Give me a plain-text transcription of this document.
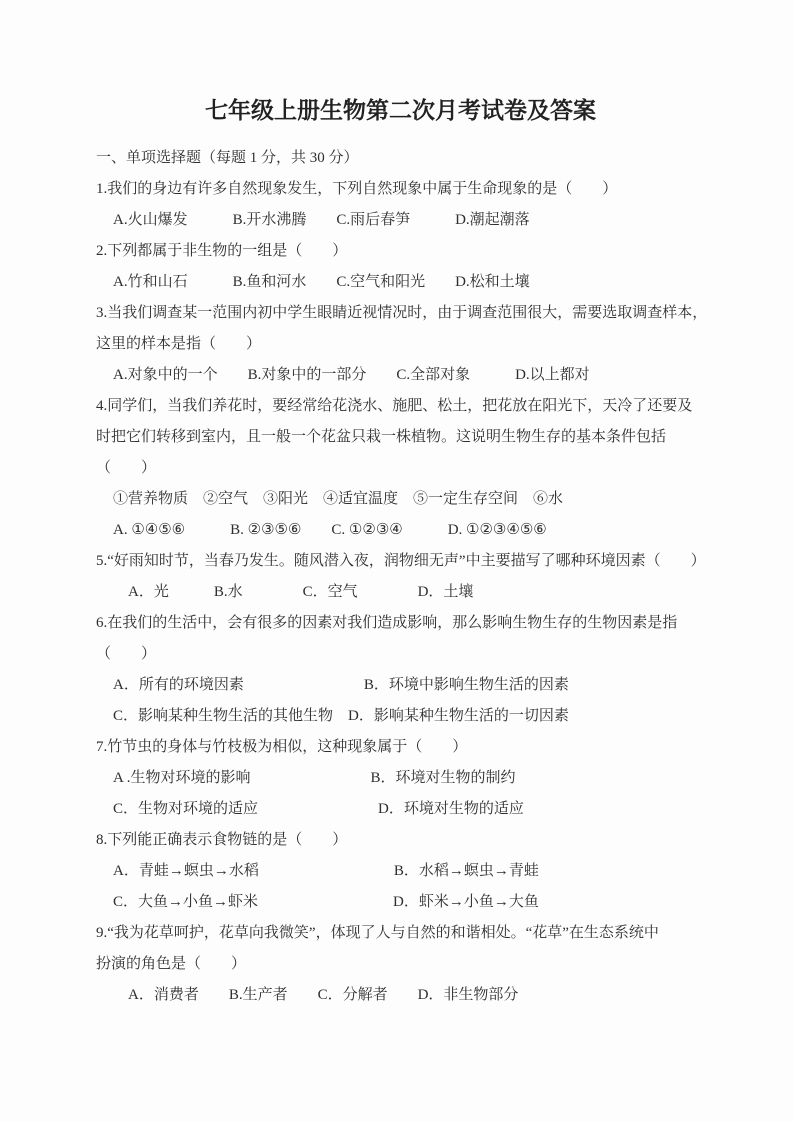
七年级上册生物第二次月考试卷及答案
一、单项选择题（每题 1 分，共 30 分）
1.我们的身边有许多自然现象发生，下列自然现象中属于生命现象的是（　　）
A.火山爆发　　　B.开水沸腾　　C.雨后春笋　　　D.潮起潮落
2.下列都属于非生物的一组是（　　）
A.竹和山石　　　B.鱼和河水　　C.空气和阳光　　D.松和土壤
3.当我们调查某一范围内初中学生眼睛近视情况时，由于调查范围很大，需要选取调查样本，
这里的样本是指（　　）
A.对象中的一个　　B.对象中的一部分　　C.全部对象　　　D.以上都对
4.同学们，当我们养花时，要经常给花浇水、施肥、松土，把花放在阳光下，天冷了还要及
时把它们转移到室内，且一般一个花盆只栽一株植物。这说明生物生存的基本条件包括
（　　）
①营养物质　②空气　③阳光　④适宜温度　⑤一定生存空间　⑥水
A. ①④⑤⑥　　　B. ②③⑤⑥　　C. ①②③④　　　D. ①②③④⑤⑥
5.“好雨知时节，当春乃发生。随风潜入夜，润物细无声”中主要描写了哪种环境因素（　　）
　A．光　　　B.水　　　　C．空气　　　　D．土壤
6.在我们的生活中，会有很多的因素对我们造成影响，那么影响生物生存的生物因素是指
（　　）
A．所有的环境因素　　　　　　　　B．环境中影响生物生活的因素
C．影响某种生物生活的其他生物　D．影响某种生物生活的一切因素
7.竹节虫的身体与竹枝极为相似，这种现象属于（　　）
A .生物对环境的影响　　　　　　　　B．环境对生物的制约
C．生物对环境的适应　　　　　　　　D．环境对生物的适应
8.下列能正确表示食物链的是（　　）
A．青蛙→螟虫→水稻　　　　　　　　　B．水稻→螟虫→青蛙
C．大鱼→小鱼→虾米　　　　　　　　　D．虾米→小鱼→大鱼
9.“我为花草呵护，花草向我微笑”，体现了人与自然的和谐相处。“花草”在生态系统中
扮演的角色是（　　）
　A．消费者　　B.生产者　　C．分解者　　D．非生物部分
